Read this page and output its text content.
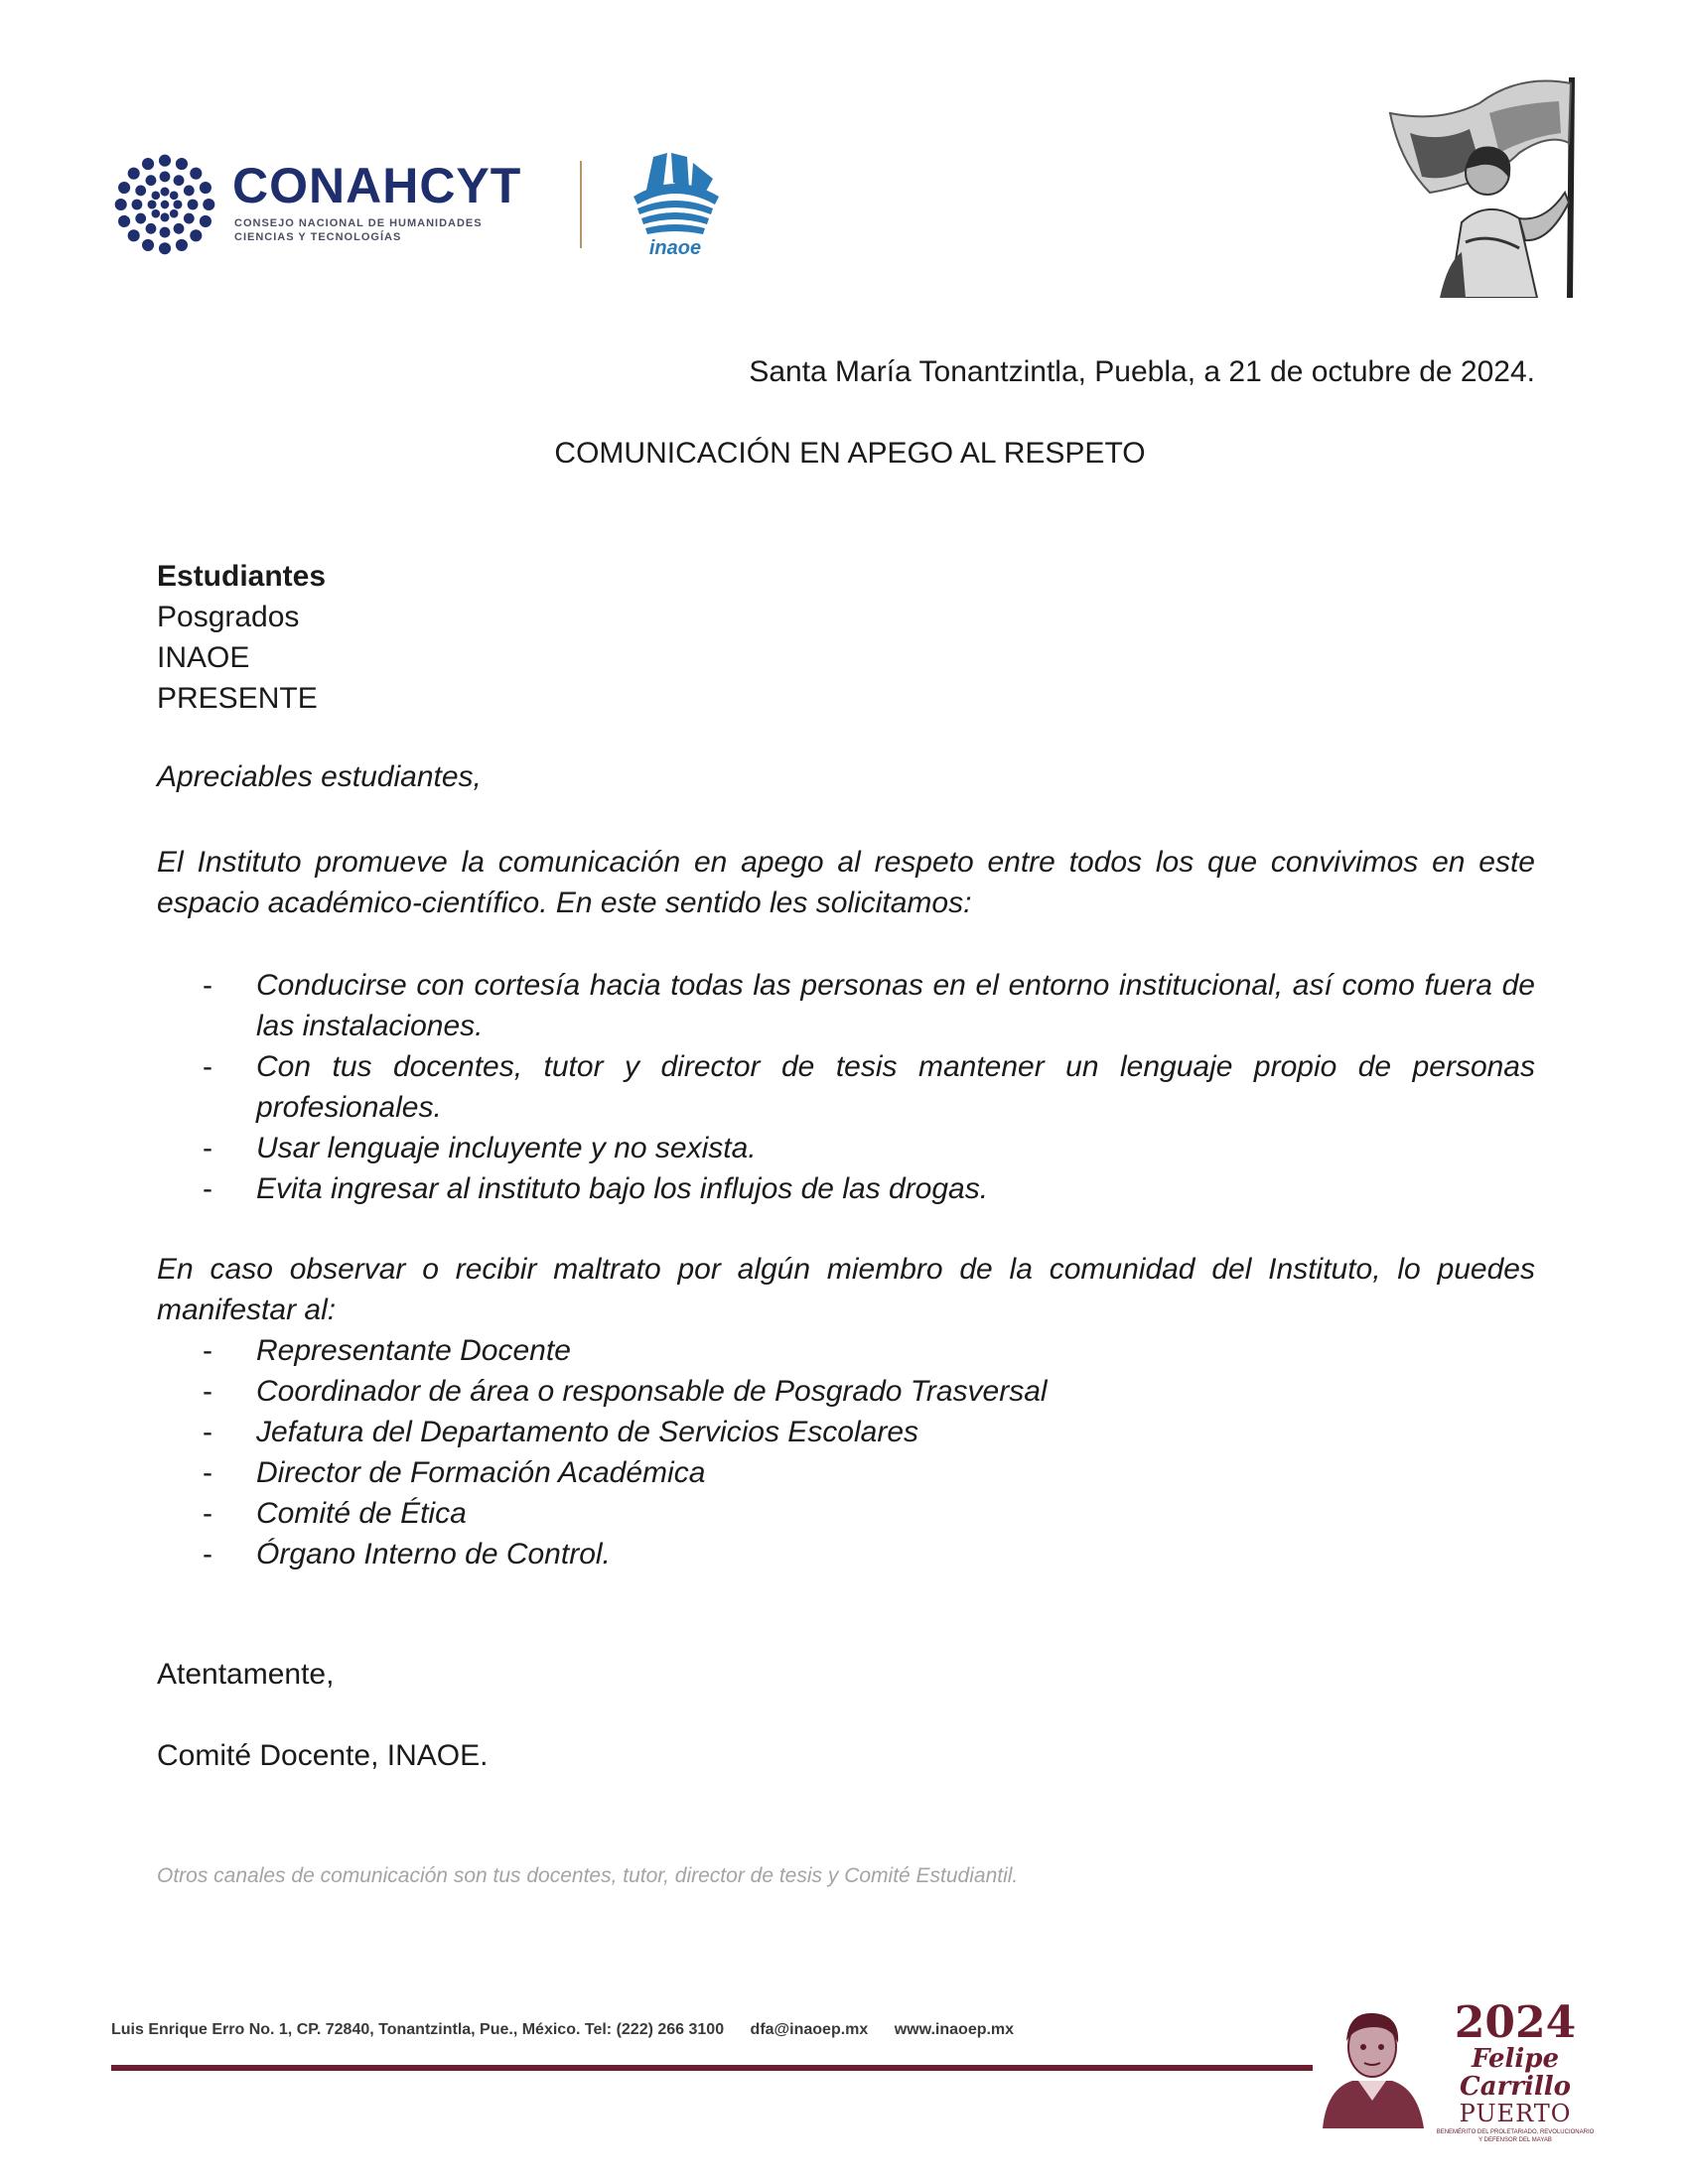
CONAHCYT
CONSEJO NACIONAL DE HUMANIDADES
CIENCIAS Y TECNOLOGÍAS	inaoe
Santa María Tonantzintla, Puebla, a 21 de octubre de 2024.
COMUNICACIÓN EN APEGO AL RESPETO
Estudiantes
Posgrados
INAOE
PRESENTE
Apreciables estudiantes,
El Instituto promueve la comunicación en apego al respeto entre todos los que convivimos en este espacio académico-científico. En este sentido les solicitamos:
- Conducirse con cortesía hacia todas las personas en el entorno institucional, así como fuera de las instalaciones.
- Con tus docentes, tutor y director de tesis mantener un lenguaje propio de personas profesionales.
- Usar lenguaje incluyente y no sexista.
- Evita ingresar al instituto bajo los influjos de las drogas.
En caso observar o recibir maltrato por algún miembro de la comunidad del Instituto, lo puedes manifestar al:
- Representante Docente
- Coordinador de área o responsable de Posgrado Trasversal
- Jefatura del Departamento de Servicios Escolares
- Director de Formación Académica
- Comité de Ética
- Órgano Interno de Control.
Atentamente,
Comité Docente, INAOE.
Otros canales de comunicación son tus docentes, tutor, director de tesis y Comité Estudiantil.
Luis Enrique Erro No. 1, CP. 72840, Tonantzintla, Pue., México. Tel: (222) 266 3100 dfa@inaoep.mx www.inaoep.mx	2024
Felipe Carrillo
PUERTO
BENEMÉRITO DEL PROLETARIADO, REVOLUCIONARIO Y DEFENSOR DEL MAYAB
